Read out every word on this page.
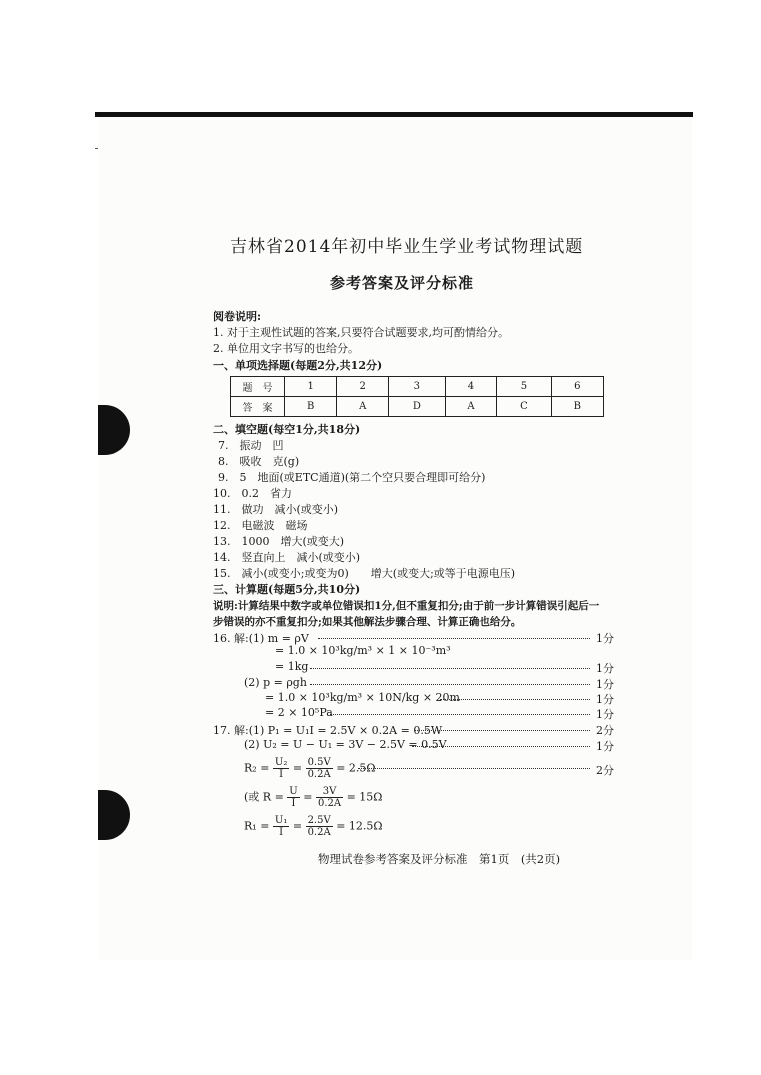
吉林省2014年初中毕业生学业考试物理试题
参考答案及评分标准
阅卷说明:
1. 对于主观性试题的答案,只要符合试题要求,均可酌情给分。
2. 单位用文字书写的也给分。
一、单项选择题(每题2分,共12分)
题　号	1	2	3	4	5	6
答　案	B	A	D	A	C	B
二、填空题(每空1分,共18分)
7.　振动　凹
8.　吸收　克(g)
9.　5　地面(或ETC通道)(第二个空只要合理即可给分)
10.　0.2　省力
11.　做功　减小(或变小)
12.　电磁波　磁场
13.　1000　增大(或变大)
14.　竖直向上　减小(或变小)
15.　减小(或变小;或变为0)　　增大(或变大;或等于电源电压)
三、计算题(每题5分,共10分)
说明:计算结果中数字或单位错误扣1分,但不重复扣分;由于前一步计算错误引起后一
步错误的亦不重复扣分;如果其他解法步骤合理、计算正确也给分。
16. 解:(1) m = ρV	1分
= 1.0 × 10³kg/m³ × 1 × 10⁻³m³
= 1kg	1分
(2) p = ρgh	1分
= 1.0 × 10³kg/m³ × 10N/kg × 20m	1分
= 2 × 10⁵Pa	1分
17. 解:(1) P₁ = U₁I = 2.5V × 0.2A = 0.5W	2分
(2) U₂ = U − U₁ = 3V − 2.5V = 0.5V	1分
$R_2 = \frac{\text{U₂}}{I} = \frac{0.5V}{0.2A} = 2.5\Omega$	2分
(或 $R = \frac{U}{I} = \frac{3V}{0.2A} = 15\Omega$
$R_1 = \frac{\text{U₁}}{I} = \frac{2.5V}{0.2A} = 12.5\Omega$
物理试卷参考答案及评分标准　第1页　(共2页)
